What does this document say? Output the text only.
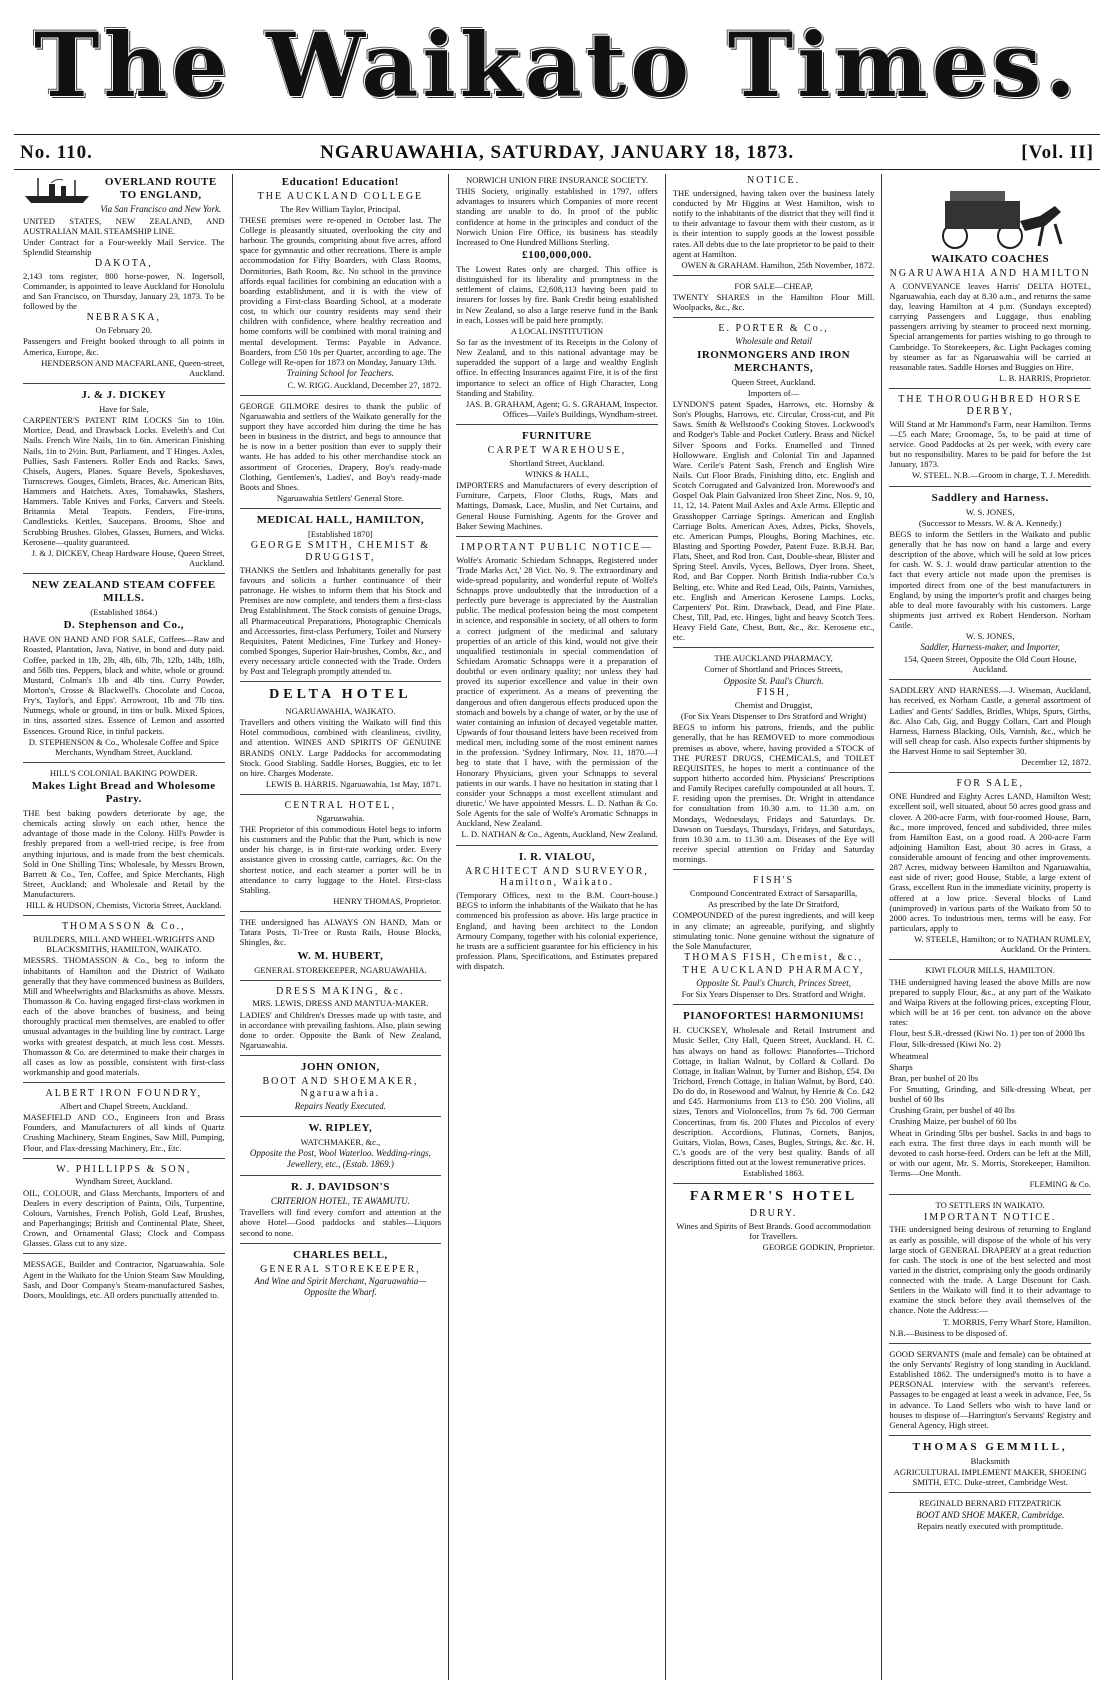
The Waikato Times.
No. 110.	NGARUAWAHIA, SATURDAY, JANUARY 18, 1873.	[Vol. II]
OVERLAND ROUTE TO ENGLAND,
Via San Francisco and New York.
UNITED STATES, NEW ZEALAND, AND AUSTRALIAN MAIL STEAMSHIP LINE.
Under Contract for a Four-weekly Mail Service. The Splendid Steamship
DAKOTA,
2,143 tons register, 800 horse-power, N. Ingersoll, Commander, is appointed to leave Auckland for Honolulu and San Francisco, on Thursday, January 23, 1873. To be followed by the
NEBRASKA,
On February 20.
Passengers and Freight booked through to all points in America, Europe, &c.
HENDERSON AND MACFARLANE, Queen-street, Auckland.
J. & J. DICKEY
Have for Sale,
CARPENTER'S PATENT RIM LOCKS 5in to 10in. Mortice, Dead, and Drawback Locks. Eveleth's and Cut Nails. French Wire Nails, 1in to 6in. American Finishing Nails, 1in to 2½in. Butt, Parliament, and T Hinges. Axles, Pullies, Sash Fasteners. Roller Ends and Racks. Saws, Chisels, Augers, Planes. Square Bevels, Spokeshaves, Turnscrews. Gouges, Gimlets, Braces, &c. American Bits, Hammers and Hatchets. Axes, Tomahawks, Slashers, Hammers. Table Knives and Forks, Carvers and Steels. Britannia Metal Teapots. Fenders, Fire-irons, Candlesticks. Kettles, Saucepans. Brooms, Shoe and Scrubbing Brushes. Globes, Glasses, Burners, and Wicks. Kerosene—quality guaranteed.
J. & J. DICKEY, Cheap Hardware House, Queen Street, Auckland.
NEW ZEALAND STEAM COFFEE MILLS.
(Established 1864.)
D. Stephenson and Co.,
HAVE ON HAND AND FOR SALE, Coffees—Raw and Roasted, Plantation, Java, Native, in bond and duty paid. Coffee, packed in 1lb, 2lb, 4lb, 6lb, 7lb, 12lb, 14lb, 18lb, and 56lb tins. Peppers, black and white, whole or ground. Mustard, Colman's 1lb and 4lb tins. Curry Powder, Morton's, Crosse & Blackwell's. Chocolate and Cocoa, Fry's, Taylor's, and Epps'. Arrowroot, 1lb and 7lb tins. Nutmegs, whole or ground, in tins or bulk. Mixed Spices, in tins, assorted sizes. Essence of Lemon and assorted Essences. Ground Rice, in tinful packets.
D. STEPHENSON & Co., Wholesale Coffee and Spice Merchants, Wyndham Street, Auckland.
HILL'S COLONIAL BAKING POWDER.
Makes Light Bread and Wholesome Pastry.
THE best baking powders deteriorate by age, the chemicals acting slowly on each other, hence the advantage of those made in the Colony. Hill's Powder is freshly prepared from a well-tried recipe, is free from anything injurious, and is made from the best chemicals. Sold in One Shilling Tins; Wholesale, by Messrs Brown, Barrett & Co., Ten, Coffee, and Spice Merchants, High Street, Auckland; and Wholesale and Retail by the Manufacturers.
HILL & HUDSON, Chemists, Victoria Street, Auckland.
THOMASSON & Co.,
BUILDERS, MILL AND WHEEL-WRIGHTS AND BLACKSMITHS, HAMILTON, WAIKATO.
MESSRS. THOMASSON & Co., beg to inform the inhabitants of Hamilton and the District of Waikato generally that they have commenced business as Builders, Mill and Wheelwrights and Blacksmiths as above. Messrs. Thomasson & Co. having engaged first-class workmen in each of the above branches of business, and being thoroughly practical men themselves, are enabled to offer unusual advantages in the building line by contract. Large works with greatest despatch, at much less cost. Messrs. Thomasson & Co. are determined to make their charges in all cases as low as possible, consistent with first-class workmanship and good materials.
ALBERT IRON FOUNDRY,
Albert and Chapel Streets, Auckland.
MASEFIELD AND CO., Engineers Iron and Brass Founders, and Manufacturers of all kinds of Quartz Crushing Machinery, Steam Engines, Saw Mill, Pumping, Flour, and Flax-dressing Machinery, Etc., Etc.
W. PHILLIPPS & SON,
Wyndham Street, Auckland.
OIL, COLOUR, and Glass Merchants, Importers of and Dealers in every description of Paints, Oils, Turpentine, Colours, Varnishes, French Polish, Gold Leaf, Brushes, and Paperhangings; British and Continental Plate, Sheet, Crown, and Ornamental Glass; Clock and Compass Glasses. Glass cut to any size.
MESSAGE, Builder and Contractor, Ngaruawahia. Sole Agent in the Waikato for the Union Steam Saw Moulding, Sash, and Door Company's Steam-manufactured Sashes, Doors, Mouldings, etc. All orders punctually attended to.
Education! Education!
THE AUCKLAND COLLEGE
The Rev William Taylor, Principal.
THESE premises were re-opened in October last. The College is pleasantly situated, overlooking the city and harbour. The grounds, comprising about five acres, afford space for gymnastic and other recreations. There is ample accommodation for Fifty Boarders, with Class Rooms, Dormitories, Bath Room, &c. No school in the province affords equal facilities for combining an education with a boarding establishment, and it is with the view of providing a First-class Boarding School, at a moderate cost, to which our country residents may send their children with confidence, where healthy recreation and home comforts will be combined with moral training and mental development. Terms: Payable in Advance. Boarders, from £50 10s per Quarter, according to age. The College will Re-open for 1873 on Monday, January 13th.
Training School for Teachers.
C. W. RIGG. Auckland, December 27, 1872.
GEORGE GILMORE desires to thank the public of Ngaruawahia and settlers of the Waikato generally for the support they have accorded him during the time he has been in business in the district, and begs to announce that he is now in a better position than ever to supply their wants. He has added to his other merchandise stock an assortment of Groceries, Drapery, Boy's ready-made Clothing, Gentlemen's, Ladies', and Boy's ready-made Boots and Shoes.
Ngaruawahia Settlers' General Store.
MEDICAL HALL, HAMILTON,
[Established 1870]
GEORGE SMITH, CHEMIST & DRUGGIST,
THANKS the Settlers and Inhabitants generally for past favours and solicits a further continuance of their patronage. He wishes to inform them that his Stock and Premises are now complete, and tenders them a first-class Drug Establishment. The Stock consists of genuine Drugs, all Pharmaceutical Preparations, Photographic Chemicals and Accessories, first-class Perfumery, Toilet and Nursery Requisites, Patent Medicines, Fine Turkey and Honey-combed Sponges, Superior Hair-brushes, Combs, &c., and every necessary article connected with the Trade. Orders by Post and Telegraph promptly attended to.
DELTA HOTEL
NGARUAWAHIA, WAIKATO.
Travellers and others visiting the Waikato will find this Hotel commodious, combined with cleanliness, civility, and attention. WINES AND SPIRITS OF GENUINE BRANDS ONLY. Large Paddocks for accommodating Stock. Good Stabling. Saddle Horses, Buggies, etc to let on hire. Charges Moderate.
LEWIS B. HARRIS. Ngaruawahia, 1st May, 1871.
CENTRAL HOTEL,
Ngaruawahia.
THE Proprietor of this commodious Hotel begs to inform his customers and the Public that the Punt, which is now under his charge, is in first-rate working order. Every assistance given in crossing cattle, carriages, &c. On the shortest notice, and each steamer a porter will be in attendance to carry luggage to the Hotel. First-class Stabling.
HENRY THOMAS, Proprietor.
THE undersigned has ALWAYS ON HAND, Mats or Tatara Posts, Ti-Tree or Rusta Rails, House Blocks, Shingles, &c.
W. M. HUBERT,
GENERAL STOREKEEPER, NGARUAWAHIA.
DRESS MAKING, &c.
MRS. LEWIS, DRESS AND MANTUA-MAKER.
LADIES' and Children's Dresses made up with taste, and in accordance with prevailing fashions. Also, plain sewing done to order. Opposite the Bank of New Zealand, Ngaruawahia.
JOHN ONION,
BOOT AND SHOEMAKER, Ngaruawahia.
Repairs Neatly Executed.
W. RIPLEY,
WATCHMAKER, &c.,
Opposite the Post, Wool Waterloo. Wedding-rings, Jewellery, etc., (Estab. 1869.)
R. J. DAVIDSON'S
CRITERION HOTEL, TE AWAMUTU.
Travellers will find every comfort and attention at the above Hotel—Good paddocks and stables—Liquors second to none.
CHARLES BELL,
GENERAL STOREKEEPER,
And Wine and Spirit Merchant, Ngaruawahia—Opposite the Wharf.
NORWICH UNION FIRE INSURANCE SOCIETY.
THIS Society, originally established in 1797, offers advantages to insurers which Companies of more recent standing are unable to do. In proof of the public confidence at home in the principles and conduct of the Norwich Union Fire Office, its business has steadily Increased to One Hundred Millions Sterling.
£100,000,000.
The Lowest Rates only are charged. This office is distinguished for its liberality and promptness in the settlement of claims, £2,608,113 having been paid to insurers for losses by fire. Bank Credit being established in New Zealand, so also a large reserve fund in the Bank in each, Losses will be paid here promptly.
A LOCAL INSTITUTION
So far as the investment of its Receipts in the Colony of New Zealand, and to this national advantage may be superadded the support of a large and wealthy English office. In effecting Insurances against Fire, it is of the first importance to select an office of High Character, Long Standing and Stability.
JAS. B. GRAHAM, Agent; G. S. GRAHAM, Inspector. Offices—Vaile's Buildings, Wyndham-street.
FURNITURE
CARPET WAREHOUSE,
Shortland Street, Auckland.
WINKS & HALL,
IMPORTERS and Manufacturers of every description of Furniture, Carpets, Floor Cloths, Rugs, Mats and Mattings, Damask, Lace, Muslin, and Net Curtains, and General House Furnishing. Agents for the Grover and Baker Sewing Machines.
IMPORTANT PUBLIC NOTICE—
Wolfe's Aromatic Schiedam Schnapps, Registered under 'Trade Marks Act,' 28 Vict. No. 9. The extraordinary and wide-spread popularity, and wonderful repute of Wolfe's Schnapps prove undoubtedly that the introduction of a perfectly pure beverage is appreciated by the Australian public. The medical profession being the most competent in science, and responsible in society, of all others to form a correct judgment of the medicinal and salutary properties of an article of this kind, would not give their unqualified testimonials in special commendation of Schiedam Aromatic Schnapps were it a preparation of doubtful or even ordinary quality; nor unless they had proved its superior excellence and value in their own practice of experiment. As a means of preventing the dangerous and often dangerous effects produced upon the stomach and bowels by a change of water, or by the use of water containing an infusion of decayed vegetable matter. Upwards of four thousand letters have been received from medical men, including some of the most eminent names in the profession. 'Sydney Infirmary, Nov. 11, 1870.—I beg to state that I have, with the permission of the Honorary Physicians, given your Schnapps to several patients in our wards. I have no hesitation in stating that I consider your Schnapps a most excellent stimulant and diuretic.' We have appointed Messrs. L. D. Nathan & Co. Sole Agents for the sale of Wolfe's Aromatic Schnapps in Auckland, New Zealand.
L. D. NATHAN & Co., Agents, Auckland, New Zealand.
I. R. VIALOU,
ARCHITECT AND SURVEYOR, Hamilton, Waikato.
(Temporary Offices, next to the B.M. Court-house.) BEGS to inform the inhabitants of the Waikato that he has commenced his profession as above. His large practice in England, and having been architect to the London Armoury Company, together with his colonial experience, he trusts are a sufficient guarantee for his efficiency in his profession. Plans, Specifications, and Estimates prepared with dispatch.
NOTICE.
THE undersigned, having taken over the business lately conducted by Mr Higgins at West Hamilton, wish to notify to the inhabitants of the district that they will find it to their advantage to favour them with their custom, as it is their intention to supply goods at the lowest possible rates. All debts due to the late proprietor to be paid to their agent at Hamilton.
OWEN & GRAHAM. Hamilton, 25th November, 1872.
FOR SALE—CHEAP,
TWENTY SHARES in the Hamilton Flour Mill. Woolpacks, &c., &c.
E. PORTER & Co.,
Wholesale and Retail
IRONMONGERS AND IRON MERCHANTS,
Queen Street, Auckland.
Importers of—
LYNDON'S patent Spades, Harrows, etc. Hornsby & Son's Ploughs, Harrows, etc. Circular, Cross-cut, and Pit Saws. Smith & Wellstood's Cooking Stoves. Lockwood's and Rodger's Table and Pocket Cutlery. Brass and Nickel Silver Spoons and Forks. Enamelled and Tinned Hollowware. English and Colonial Tin and Japanned Ware. Cerile's Patent Sash, French and English Wire Nails. Cut Floor Brads, Finishing ditto, etc. English and Scotch Corrugated and Galvanized Iron. Morewood's and Gospel Oak Plain Galvanized Iron Sheet Zinc, Nos. 9, 10, 11, 12, 14. Patent Mail Axles and Axle Arms. Elleptic and Grasshopper Carriage Springs. American and English Carriage Bolts. American Axes, Adzes, Picks, Shovels, etc. American Pumps, Ploughs, Boring Machines, etc. Blasting and Sporting Powder, Patent Fuze. B.B.H. Bar, Flats, Sheet, and Rod Iron. Cast, Double-shear, Blister and Spring Steel. Anvils, Vyces, Bellows, Dyer Irons. Sheet, Rod, and Bar Copper. North British India-rubber Co.'s Belting, etc. White and Red Lead, Oils, Paints, Varnishes, etc. English and American Kerosene Lamps. Locks, Carpenters' Pot. Rim. Drawback, Dead, and Fine Plate. Chest, Till, Pad, etc. Hinges, light and heavy Scotch Tees. Heavy Field Gate, Chest, Butt, &c., &c. Kerosene etc., etc.
THE AUCKLAND PHARMACY,
Corner of Shortland and Princes Streets,
Opposite St. Paul's Church.
FISH,
Chemist and Druggist,
(For Six Years Dispenser to Drs Stratford and Wright)
BEGS to inform his patrons, friends, and the public generally, that he has REMOVED to more commodious premises as above, where, having provided a STOCK of THE PUREST DRUGS, CHEMICALS, and TOILET REQUISITES, he hopes to merit a continuance of the support hitherto accorded him. Physicians' Prescriptions and Family Recipes carefully compounded at all hours. T. F. residing upon the premises. Dr. Wright in attendance for consultation from 10.30 a.m. to 11.30 a.m. on Mondays, Wednesdays, Fridays and Saturdays. Dr. Dawson on Tuesdays, Thursdays, Fridays, and Saturdays, from 10.30 a.m. to 11.30 a.m. Diseases of the Eye will receive special attention on Friday and Saturday mornings.
FISH'S
Compound Concentrated Extract of Sarsaparilla,
As prescribed by the late Dr Stratford,
COMPOUNDED of the purest ingredients, and will keep in any climate; an agreeable, purifying, and slightly stimulating tonic. None genuine without the signature of the Sole Manufacturer,
THOMAS FISH, Chemist, &c.,
THE AUCKLAND PHARMACY,
Opposite St. Paul's Church, Princes Street,
For Six Years Dispenser to Drs. Stratford and Wright.
PIANOFORTES! HARMONIUMS!
H. CUCKSEY, Wholesale and Retail Instrument and Music Seller, City Hall, Queen Street, Auckland. H. C. has always on hand as follows: Pianofortes—Trichord Cottage, in Italian Walnut, by Collard & Collard. Do Cottage, in Italian Walnut, by Turner and Bishop, £54. Do Trichord, French Cottage, in Italian Walnut, by Bord, £40. Do do do, in Rosewood and Walnut, by Henrie & Co. £42 and £45. Harmoniums from £13 to £50. 200 Violins, all sizes, Tenors and Violoncellos, from 7s 6d. 700 German Concertinas, from 6s. 200 Flutes and Piccolos of every description. Accordions, Flutinas, Cornets, Banjos, Guitars, Violas, Bows, Cases, Bugles, Strings, &c. &c. H. C.'s goods are of the very best quality. Bands of all descriptions fitted out at the lowest remunerative prices.
Established 1863.
FARMER'S HOTEL
DRURY.
Wines and Spirits of Best Brands. Good accommodation for Travellers.
GEORGE GODKIN, Proprietor.
WAIKATO COACHES
NGARUAWAHIA AND HAMILTON
A CONVEYANCE leaves Harris' DELTA HOTEL, Ngaruawahia, each day at 8.30 a.m., and returns the same day, leaving Hamilton at 4 p.m. (Sundays excepted) carrying Passengers and Luggage, thus enabling passengers arriving by steamer to proceed next morning. Special arrangements for parties wishing to go through to Cambridge. To Storekeepers, &c. Light Packages coming by steamer as far as Ngaruawahia will be carried at reasonable rates. Saddle Horses and Buggies on Hire.
L. B. HARRIS, Proprietor.
THE THOROUGHBRED HORSE DERBY,
Will Stand at Mr Hammond's Farm, near Hamilton. Terms—£5 each Mare; Groomage, 5s, to be paid at time of service. Good Paddocks at 2s per week, with every care but no responsibility. Mares to be paid for before the 1st January, 1873.
W. STEEL. N.B.—Groom in charge, T. J. Meredith.
Saddlery and Harness.
W. S. JONES,
(Successor to Messrs. W. & A. Kennedy.)
BEGS to inform the Settlers in the Waikato and public generally that he has now on hand a large and every description of the above, which will be sold at low prices for cash. W. S. J. would draw particular attention to the fact that every article not made upon the premises is imported direct from one of the best manufacturers in England, by using the importer's profit and charges being able to deal more favourably with his customers. Large shipments just arrived ex Robert Henderson. Norham Castle.
W. S. JONES,
Saddler, Harness-maker, and Importer,
154, Queen Street, Opposite the Old Court House, Auckland.
SADDLERY AND HARNESS.—J. Wiseman, Auckland, has received, ex Norham Castle, a general assortment of Ladies' and Gents' Saddles, Bridles, Whips, Spurs, Girths, &c. Also Cab, Gig, and Buggy Collars, Cart and Plough Harness, Harness Blacking, Oils, Varnish, &c., which he will sell cheap for cash. Also expects further shipments by the Harvest Home to sail September 30.
December 12, 1872.
FOR SALE,
ONE Hundred and Eighty Acres LAND, Hamilton West; excellent soil, well situated, about 50 acres good grass and clover. A 200-acre Farm, with four-roomed House, Barn, &c., more improved, fenced and subdivided, three miles from Hamilton East, on a good road. A 200-acre Farm adjoining Hamilton East, about 30 acres in Grass, a considerable amount of fencing and other improvements. 287 Acres, midway between Hamilton and Ngaruawahia, east side of river; good House, Stable, a large extent of Grass, excellent Run in the immediate vicinity, property is offered at a low price. Several blocks of Land (unimproved) in various parts of the Waikato from 50 to 2000 acres. To industrious men, terms will be easy. For particulars, apply to
W. STEELE, Hamilton; or to NATHAN RUMLEY, Auckland. Or the Printers.
KIWI FLOUR MILLS, HAMILTON.
THE undersigned having leased the above Mills are now prepared to supply Flour, &c., at any part of the Waikato and Waipa Rivers at the following prices, excepting Flour, which will be at 16 per cent. ton advance on the above rates:
Flour, best S.B.-dressed (Kiwi No. 1) per ton of 2000 lbs
Flour, Silk-dressed (Kiwi No. 2)
Wheatmeal
Sharps
Bran, per bushel of 20 lbs
For Smutting, Grinding, and Silk-dressing Wheat, per bushel of 60 lbs
Crushing Grain, per bushel of 40 lbs
Crushing Maize, per bushel of 60 lbs
Wheat in Grinding 5lbs per bushel. Sacks in and bags to each extra. The first three days in each month will be devoted to cash horse-feed. Orders can be left at the Mill, or with our agent, Mr. S. Morris, Storekeeper, Hamilton. Terms—One Month.
FLEMING & Co.
TO SETTLERS IN WAIKATO.
IMPORTANT NOTICE.
THE undersigned being desirous of returning to England as early as possible, will dispose of the whole of his very large stock of GENERAL DRAPERY at a great reduction for cash. The stock is one of the best selected and most varied in the district, comprising only the goods ordinarily connected with the trade. A Large Discount for Cash. Settlers in the Waikato will find it to their advantage to examine the stock before they avail themselves of the chance. Note the Address:—
T. MORRIS, Ferry Wharf Store, Hamilton.
N.B.—Business to be disposed of.
GOOD SERVANTS (male and female) can be obtained at the only Servants' Registry of long standing in Auckland. Established 1862. The undersigned's motto is to have a PERSONAL interview with the servant's referees. Passages to be engaged at least a week in advance, Fee, 5s in advance. To Land Sellers who wish to have land or houses to dispose of—Harrington's Servants' Registry and General Agency, High street.
THOMAS GEMMILL,
Blacksmith
AGRICULTURAL IMPLEMENT MAKER, SHOEING SMITH, ETC. Duke-street, Cambridge West.
REGINALD BERNARD FITZPATRICK
BOOT AND SHOE MAKER, Cambridge.
Repairs neatly executed with promptitude.
